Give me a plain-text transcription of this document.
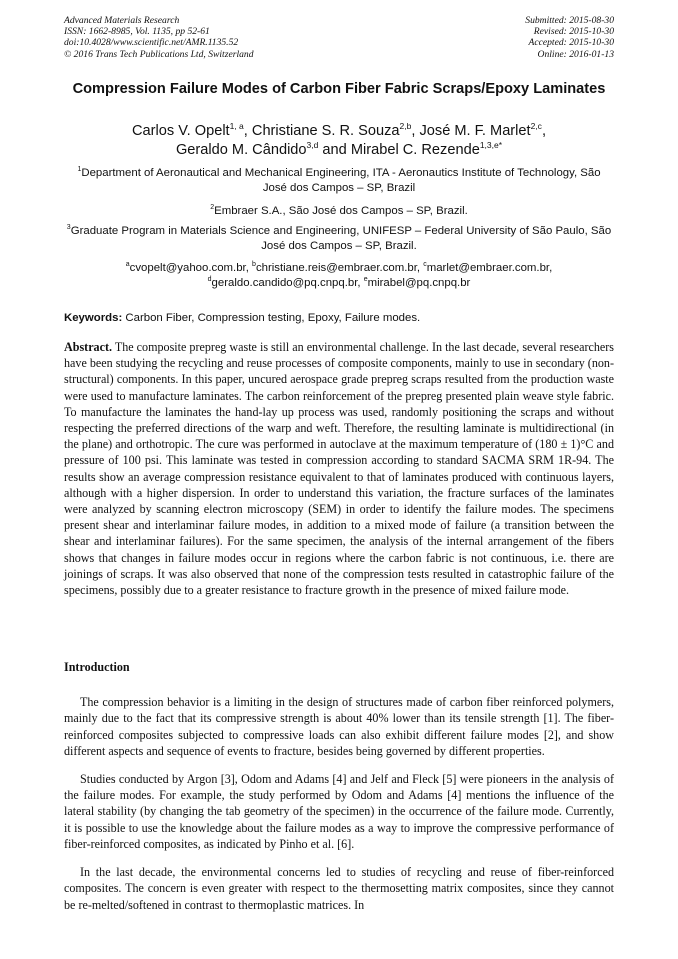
Advanced Materials Research
ISSN: 1662-8985, Vol. 1135, pp 52-61
doi:10.4028/www.scientific.net/AMR.1135.52
© 2016 Trans Tech Publications Ltd, Switzerland
Submitted: 2015-08-30
Revised: 2015-10-30
Accepted: 2015-10-30
Online: 2016-01-13
Compression Failure Modes of Carbon Fiber Fabric Scraps/Epoxy Laminates
Carlos V. Opelt$^{1, a}$, Christiane S. R. Souza$^{2,b}$, José M. F. Marlet$^{2,c}$,
Geraldo M. Cândido$^{3,d}$ and Mirabel C. Rezende$^{1,3,e*}$

$^1$Department of Aeronautical and Mechanical Engineering, ITA - Aeronautics Institute of Technology, São José dos Campos – SP, Brazil

$^2$Embraer S.A., São José dos Campos – SP, Brazil.

$^3$Graduate Program in Materials Science and Engineering, UNIFESP – Federal University of São Paulo, São José dos Campos – SP, Brazil.

$^a$cvopelt@yahoo.com.br, $^b$christiane.reis@embraer.com.br, $^c$marlet@embraer.com.br,
$^d$geraldo.candido@pq.cnpq.br, $^e$mirabel@pq.cnpq.br

Keywords: Carbon Fiber, Compression testing, Epoxy, Failure modes.

Abstract. The composite prepreg waste is still an environmental challenge. In the last decade, several researchers have been studying the recycling and reuse processes of composite components, mainly to use in secondary (non-structural) components. In this paper, uncured aerospace grade prepreg scraps resulted from the production waste were used to manufacture laminates. The carbon reinforcement of the prepreg presented plain weave style fabric. To manufacture the laminates the hand-lay up process was used, randomly positioning the scraps and without respecting the preferred directions of the warp and weft. Therefore, the resulting laminate is multidirectional (in the plane) and orthotropic. The cure was performed in autoclave at the maximum temperature of (180 ± 1)°C and pressure of 100 psi. This laminate was tested in compression according to standard SACMA SRM 1R-94. The results show an average compression resistance equivalent to that of laminates produced with continuous layers, although with a higher dispersion. In order to understand this variation, the fracture surfaces of the laminates were analyzed by scanning electron microscopy (SEM) in order to identify the failure modes. The specimens present shear and interlaminar failure modes, in addition to a mixed mode of failure (a transition between the shear and interlaminar failures). For the same specimen, the analysis of the internal arrangement of the fibers shows that changes in failure modes occur in regions where the carbon fabric is not continuous, i.e. there are joinings of scraps. It was also observed that none of the compression tests resulted in catastrophic failure of the specimens, possibly due to a greater resistance to fracture growth in the presence of mixed failure mode.

Introduction

The compression behavior is a limiting in the design of structures made of carbon fiber reinforced polymers, mainly due to the fact that its compressive strength is about 40% lower than its tensile strength [1]. The fiber-reinforced composites subjected to compressive loads can also exhibit different failure modes [2], and show different aspects and sequence of events to fracture, besides being governed by different properties.

Studies conducted by Argon [3], Odom and Adams [4] and Jelf and Fleck [5] were pioneers in the analysis of the failure modes. For example, the study performed by Odom and Adams [4] mentions the influence of the lateral stability (by changing the tab geometry of the specimen) in the occurrence of the failure mode. Currently, it is possible to use the knowledge about the failure modes as a way to improve the compressive performance of fiber-reinforced composites, as indicated by Pinho et al. [6].

In the last decade, the environmental concerns led to studies of recycling and reuse of fiber-reinforced composites. The concern is even greater with respect to the thermosetting matrix composites, since they cannot be re-melted/softened in contrast to thermoplastic matrices. In
